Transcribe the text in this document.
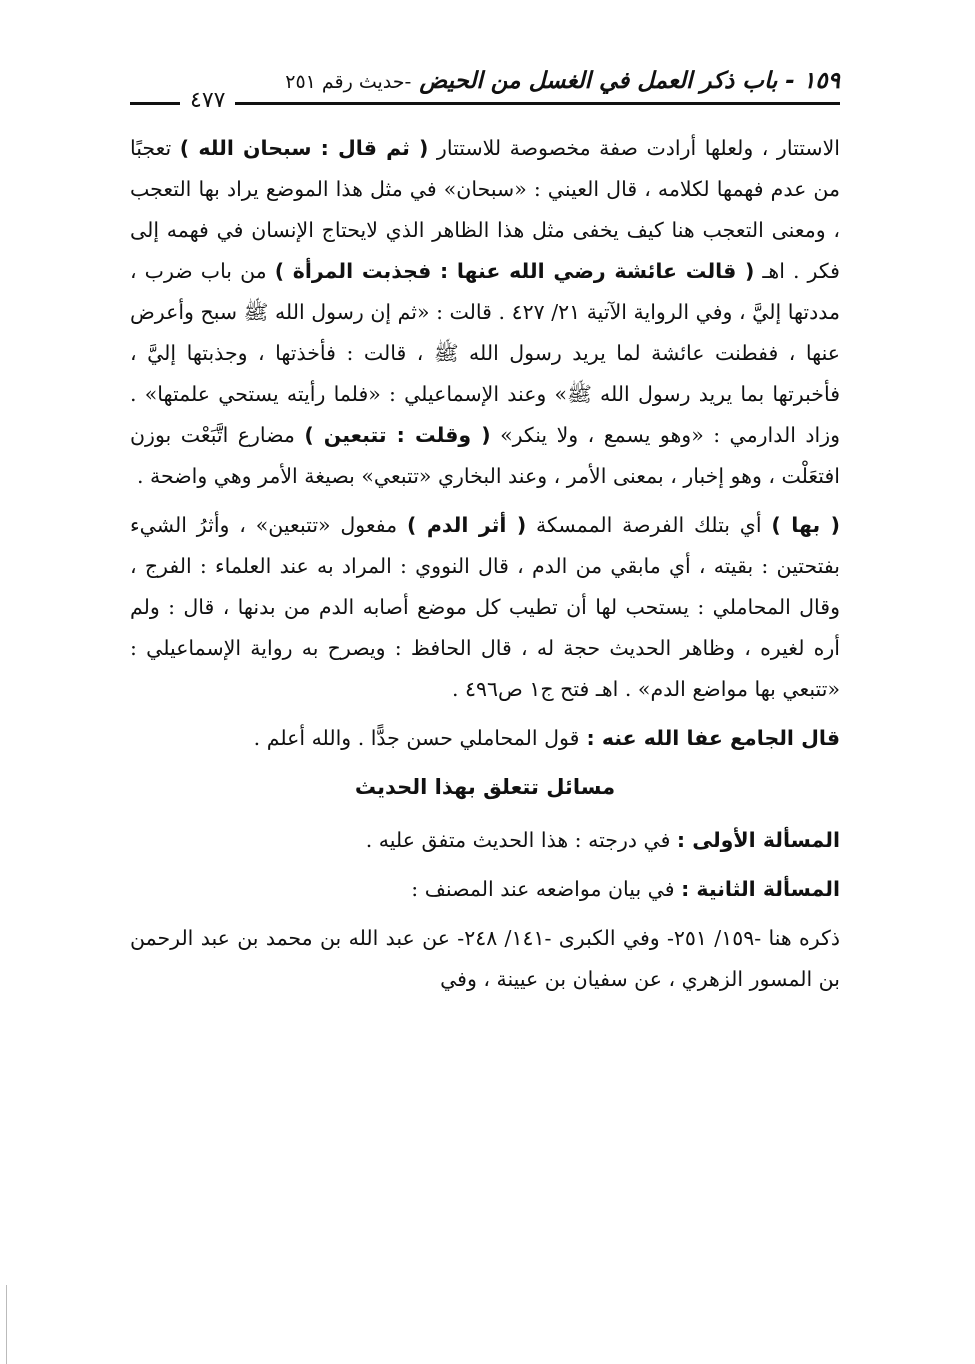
١٥٩ - باب ذكر العمل في الغسل من الحيض -حديث رقم ٢٥١
٤٧٧

الاستتار ، ولعلها أرادت صفة مخصوصة للاستتار ( ثم قال : سبحان الله ) تعجبًا من عدم فهمها لكلامه ، قال العيني : «سبحان» في مثل هذا الموضع يراد بها التعجب ، ومعنى التعجب هنا كيف يخفى مثل هذا الظاهر الذي لايحتاج الإنسان في فهمه إلى فكر . اهـ ( قالت عائشة رضي الله عنها : فجذبت المرأة ) من باب ضرب ، مددتها إليَّ ، وفي الرواية الآتية ٢١/ ٤٢٧ . قالت : «ثم إن رسول الله ﷺ سبح وأعرض عنها ، ففطنت عائشة لما يريد رسول الله ﷺ ، قالت : فأخذتها ، وجذبتها إليَّ ، فأخبرتها بما يريد رسول الله ﷺ» وعند الإسماعيلي : «فلما رأيته يستحي علمتها» . وزاد الدارمي : «وهو يسمع ، ولا ينكر» ( وقلت : تتبعين ) مضارع اتَّبَعْت بوزن افتعَلْت ، وهو إخبار ، بمعنى الأمر ، وعند البخاري «تتبعي» بصيغة الأمر وهي واضحة .

( بها ) أي بتلك الفرصة الممسكة ( أثر الدم ) مفعول «تتبعين» ، وأثرُ الشيء بفتحتين : بقيته ، أي مابقي من الدم ، قال النووي : المراد به عند العلماء : الفرج ، وقال المحاملي : يستحب لها أن تطيب كل موضع أصابه الدم من بدنها ، قال : ولم أره لغيره ، وظاهر الحديث حجة له ، قال الحافظ : ويصرح به رواية الإسماعيلي : «تتبعي بها مواضع الدم» . اهـ فتح ج١ ص٤٩٦ .

قال الجامع عفا الله عنه : قول المحاملي حسن جدًّا . والله أعلم .

مسائل تتعلق بهذا الحديث

المسألة الأولى : في درجته : هذا الحديث متفق عليه .

المسألة الثانية : في بيان مواضعه عند المصنف :

ذكره هنا -١٥٩/ ٢٥١- وفي الكبرى -١٤١/ ٢٤٨- عن عبد الله بن محمد بن عبد الرحمن بن المسور الزهري ، عن سفيان بن عيينة ، وفي
